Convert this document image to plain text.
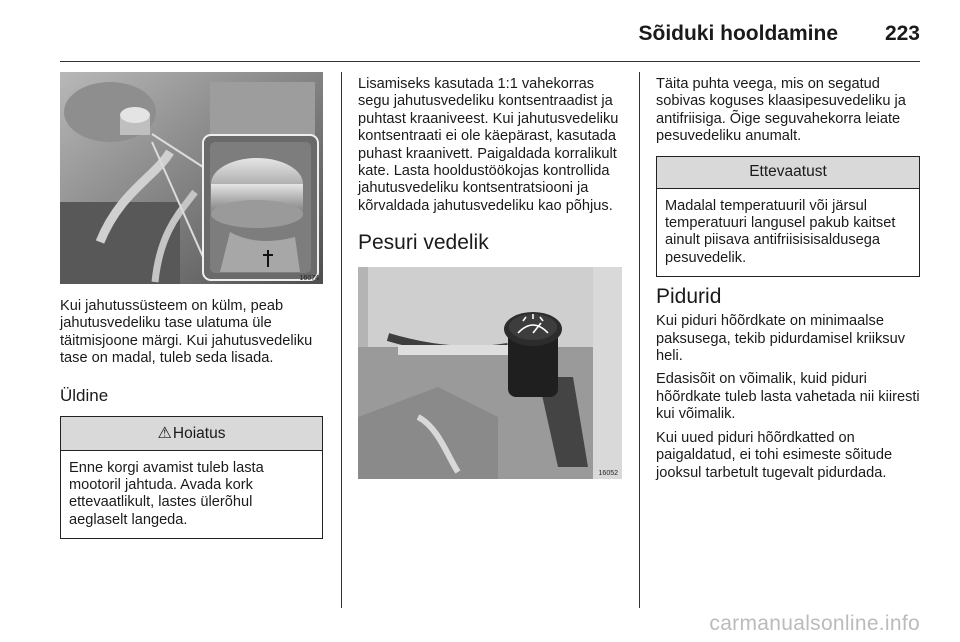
Sõiduki hooldamine 223
16074

Kui jahutussüsteem on külm, peab jahutusvedeliku tase ulatuma üle täitmisjoone märgi. Kui jahutusvedeliku tase on madal, tuleb seda lisada.

Üldine
⚠Hoiatus
Enne korgi avamist tuleb lasta mootoril jahtuda. Avada kork ettevaatlikult, lastes ülerõhul aeglaselt langeda.

Lisamiseks kasutada 1:1 vahekorras segu jahutusvedeliku kontsentraadist ja puhtast kraaniveest. Kui jahutusvedeliku kontsentraati ei ole käepärast, kasutada puhast kraanivett. Paigaldada korralikult kate. Lasta hooldustöökojas kontrollida jahutusvedeliku kontsentratsiooni ja kõrvaldada jahutusvedeliku kao põhjus.

Pesuri vedelik
16052

Täita puhta veega, mis on segatud sobivas koguses klaasipesuvedeliku ja antifriisiga. Õige seguvahekorra leiate pesuvedeliku anumalt.

Ettevaatust
Madalal temperatuuril või järsul temperatuuri langusel pakub kaitset ainult piisava antifriisisisaldusega pesuvedelik.
Pidurid

Kui piduri hõõrdkate on minimaalse paksusega, tekib pidurdamisel kriiksuv heli.

Edasisõit on võimalik, kuid piduri hõõrdkate tuleb lasta vahetada nii kiiresti kui võimalik.

Kui uued piduri hõõrdkatted on paigaldatud, ei tohi esimeste sõitude jooksul tarbetult tugevalt pidurdada.

carmanualsonline.info
